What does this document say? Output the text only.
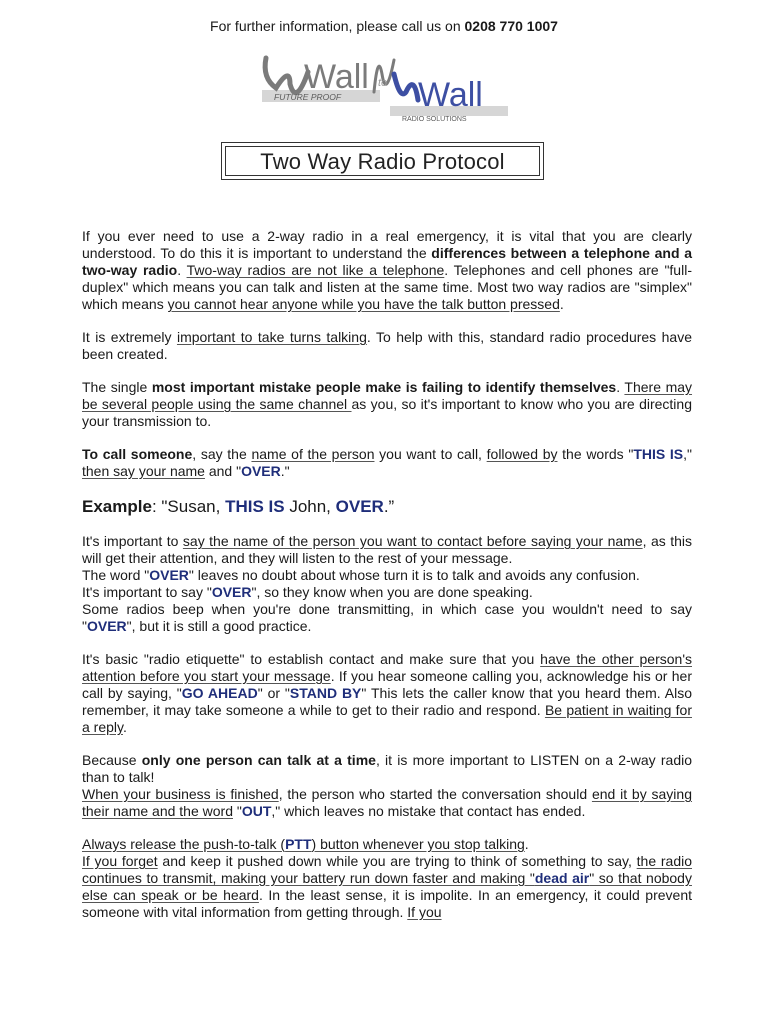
For further information, please call us on 0208 770 1007
Wall to Wall
FUTURE PROOF
RADIO SOLUTIONS
Two Way Radio Protocol

If you ever need to use a 2-way radio in a real emergency, it is vital that you are clearly understood. To do this it is important to understand the differences between a telephone and a two-way radio. Two-way radios are not like a telephone. Telephones and cell phones are "full-duplex" which means you can talk and listen at the same time. Most two way radios are "simplex" which means you cannot hear anyone while you have the talk button pressed.

It is extremely important to take turns talking. To help with this, standard radio procedures have been created.

The single most important mistake people make is failing to identify themselves. There may be several people using the same channel as you, so it's important to know who you are directing your transmission to.

To call someone, say the name of the person you want to call, followed by the words "THIS IS," then say your name and "OVER."

Example: "Susan, THIS IS John, OVER.”

It's important to say the name of the person you want to contact before saying your name, as this will get their attention, and they will listen to the rest of your message.

The word "OVER" leaves no doubt about whose turn it is to talk and avoids any confusion.

It's important to say "OVER", so they know when you are done speaking.

Some radios beep when you're done transmitting, in which case you wouldn't need to say "OVER", but it is still a good practice.

It's basic "radio etiquette" to establish contact and make sure that you have the other person's attention before you start your message. If you hear someone calling you, acknowledge his or her call by saying, "GO AHEAD" or "STAND BY" This lets the caller know that you heard them. Also remember, it may take someone a while to get to their radio and respond. Be patient in waiting for a reply.

Because only one person can talk at a time, it is more important to LISTEN on a 2-way radio than to talk!

When your business is finished, the person who started the conversation should end it by saying their name and the word "OUT," which leaves no mistake that contact has ended.

Always release the push-to-talk (PTT) button whenever you stop talking.

If you forget and keep it pushed down while you are trying to think of something to say, the radio continues to transmit, making your battery run down faster and making "dead air" so that nobody else can speak or be heard. In the least sense, it is impolite. In an emergency, it could prevent someone with vital information from getting through. If you
